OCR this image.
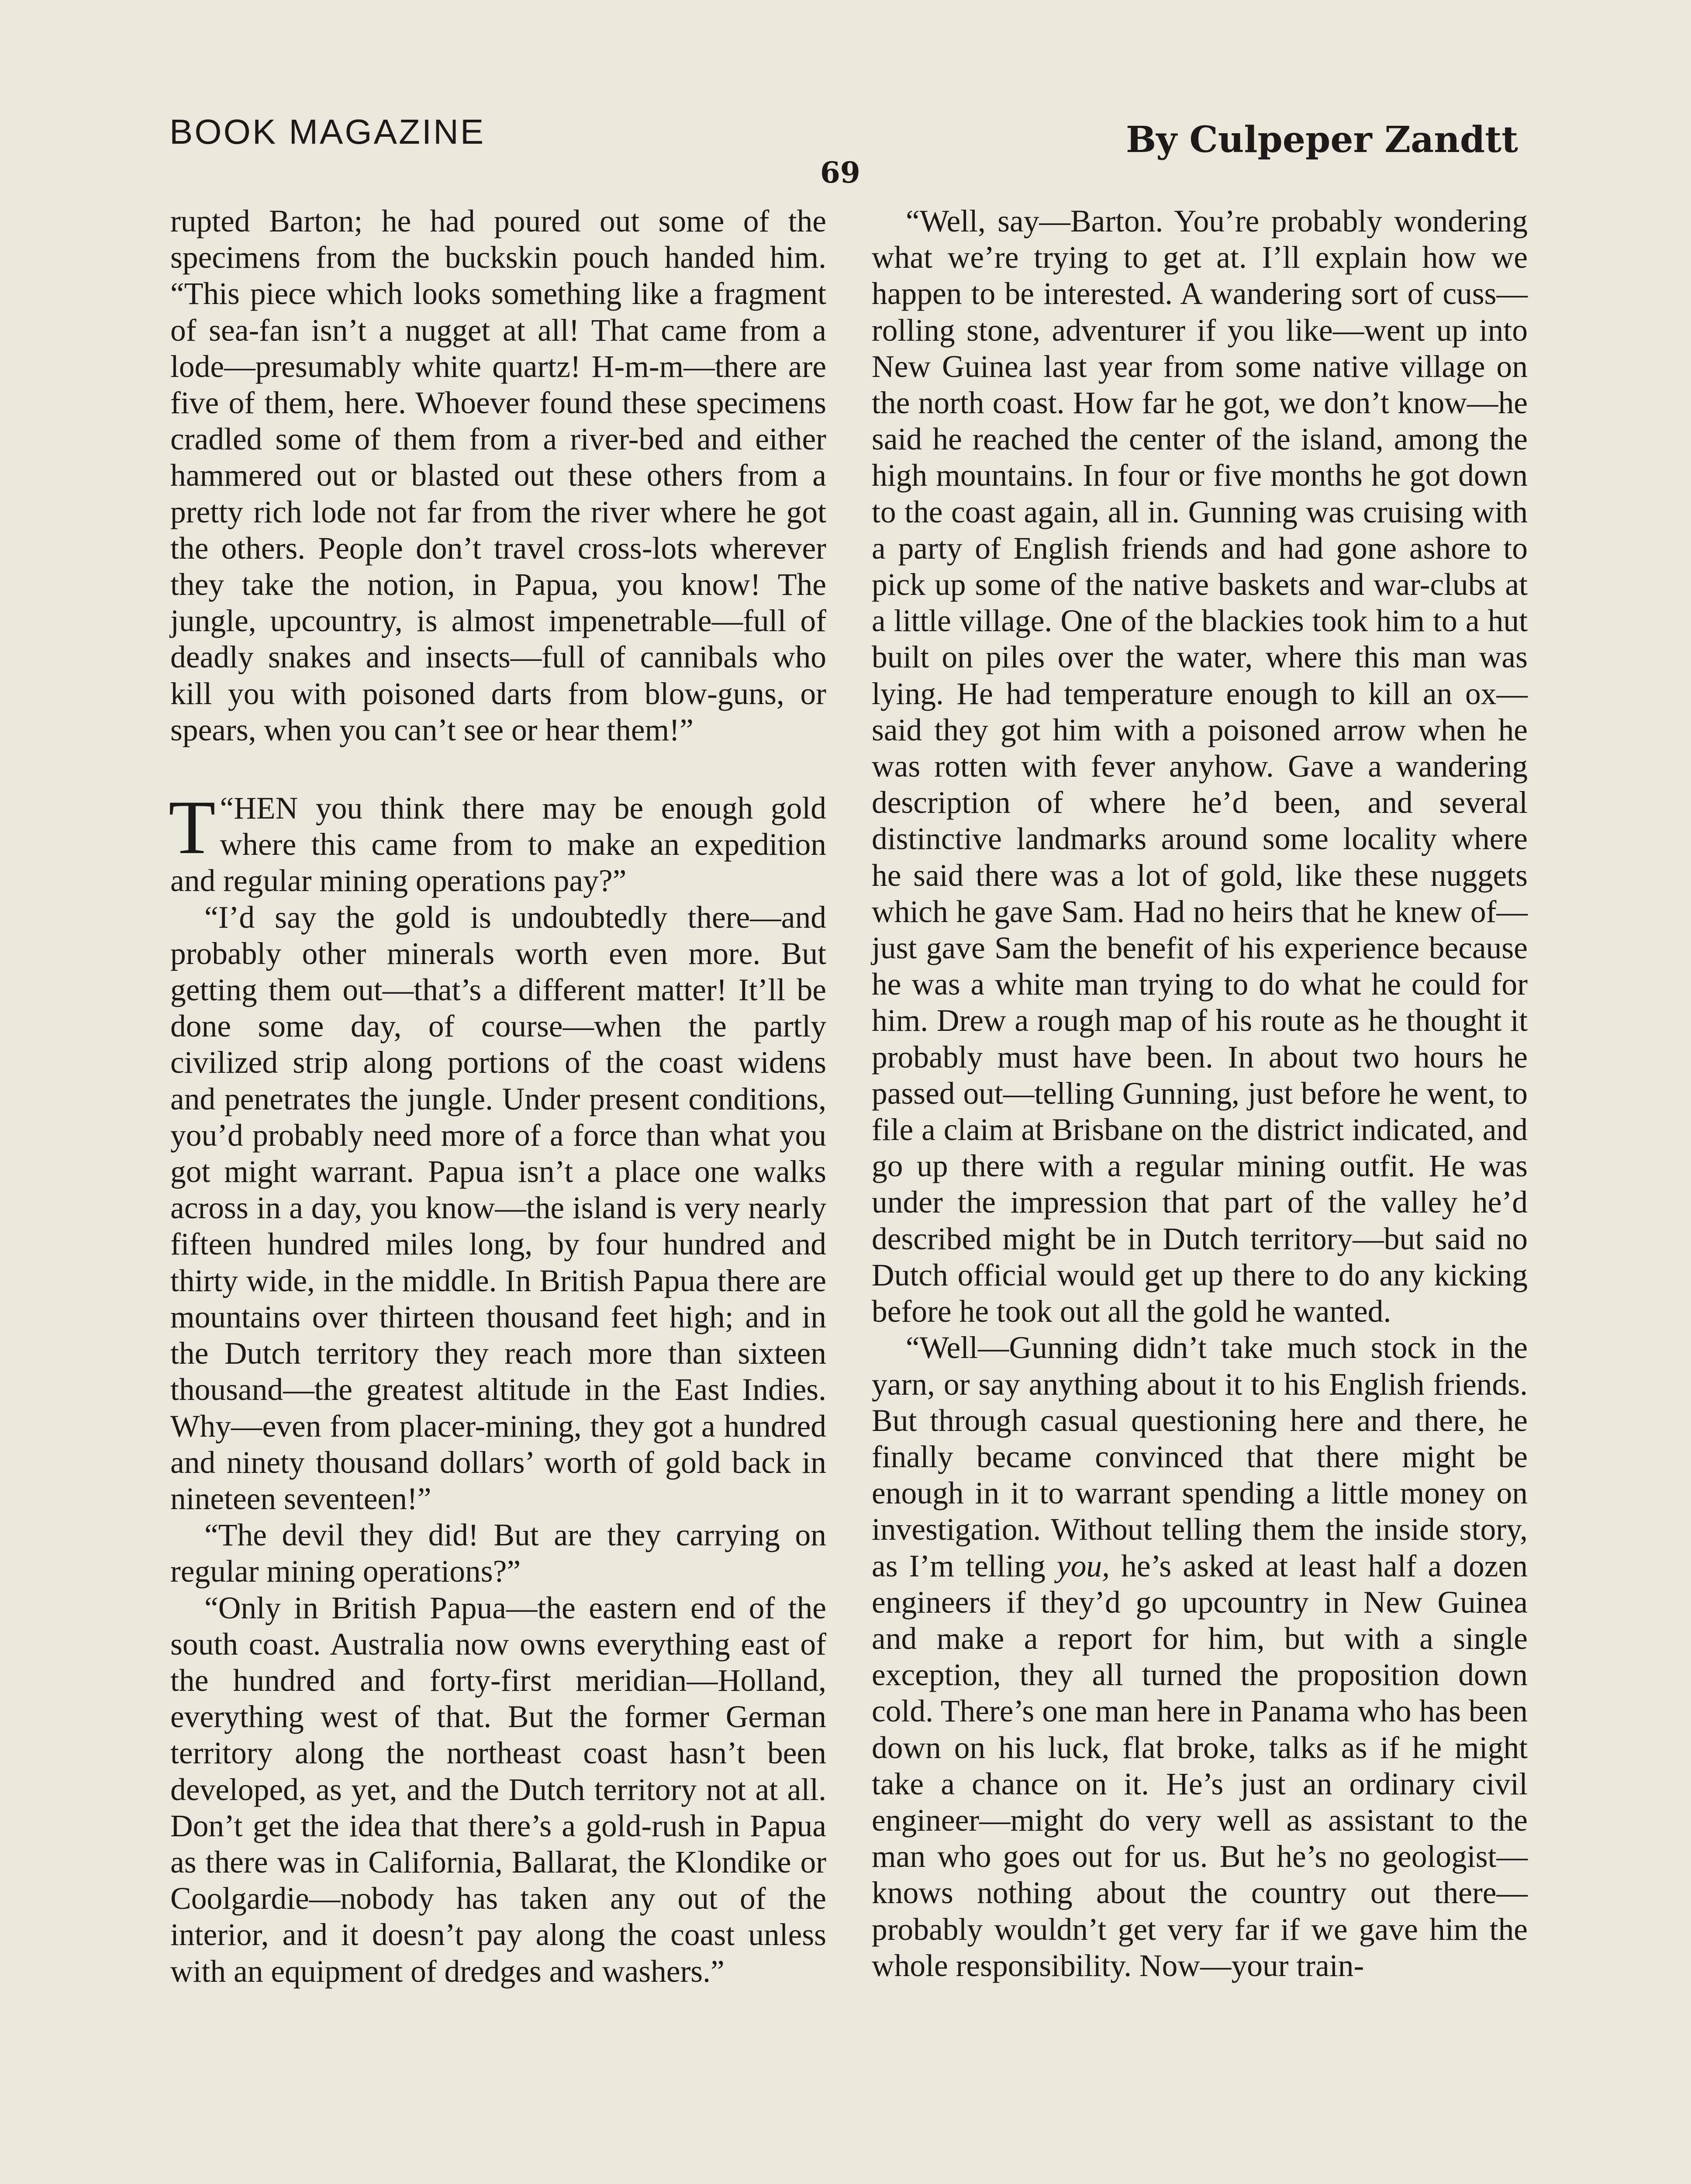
BOOK MAGAZINE	By Culpeper Zandtt
69

rupted Barton; he had poured out some of the specimens from the buckskin pouch handed him. “This piece which looks something like a fragment of sea-fan isn’t a nugget at all! That came from a lode—presumably white quartz! H-m-m—there are five of them, here. Whoever found these specimens cradled some of them from a river-bed and either hammered out or blasted out these others from a pretty rich lode not far from the river where he got the others. People don’t travel cross-lots wherever they take the notion, in Papua, you know! The jungle, upcountry, is almost impenetrable—full of deadly snakes and insects—full of cannibals who kill you with poisoned darts from blow-guns, or spears, when you can’t see or hear them!”

“
T HEN you think there may be enough gold where this came from to make an expedition and regular mining operations pay?”

“I’d say the gold is undoubtedly there—and probably other minerals worth even more. But getting them out—that’s a different matter! It’ll be done some day, of course—when the partly civilized strip along portions of the coast widens and penetrates the jungle. Under present conditions, you’d probably need more of a force than what you got might warrant. Papua isn’t a place one walks across in a day, you know—the island is very nearly fifteen hundred miles long, by four hundred and thirty wide, in the middle. In British Papua there are mountains over thirteen thousand feet high; and in the Dutch territory they reach more than sixteen thousand—the greatest altitude in the East Indies. Why—even from placer-mining, they got a hundred and ninety thousand dollars’ worth of gold back in nineteen seventeen!”

“The devil they did! But are they carrying on regular mining operations?”

“Only in British Papua—the eastern end of the south coast. Australia now owns everything east of the hundred and forty-first meridian—Holland, everything west of that. But the former German territory along the northeast coast hasn’t been developed, as yet, and the Dutch territory not at all. Don’t get the idea that there’s a gold-rush in Papua as there was in California, Ballarat, the Klondike or Coolgardie—nobody has taken any out of the interior, and it doesn’t pay along the coast unless with an equipment of dredges and washers.”

“Well, say—Barton. You’re probably wondering what we’re trying to get at. I’ll explain how we happen to be interested. A wandering sort of cuss—rolling stone, adventurer if you like—went up into New Guinea last year from some native village on the north coast. How far he got, we don’t know—he said he reached the center of the island, among the high mountains. In four or five months he got down to the coast again, all in. Gunning was cruising with a party of English friends and had gone ashore to pick up some of the native baskets and war-clubs at a little village. One of the blackies took him to a hut built on piles over the water, where this man was lying. He had temperature enough to kill an ox—said they got him with a poisoned arrow when he was rotten with fever anyhow. Gave a wandering description of where he’d been, and several distinctive landmarks around some locality where he said there was a lot of gold, like these nuggets which he gave Sam. Had no heirs that he knew of—just gave Sam the benefit of his experience because he was a white man trying to do what he could for him. Drew a rough map of his route as he thought it probably must have been. In about two hours he passed out—telling Gunning, just before he went, to file a claim at Brisbane on the district indicated, and go up there with a regular mining outfit. He was under the impression that part of the valley he’d described might be in Dutch territory—but said no Dutch official would get up there to do any kicking before he took out all the gold he wanted.

“Well—Gunning didn’t take much stock in the yarn, or say anything about it to his English friends. But through casual questioning here and there, he finally became convinced that there might be enough in it to warrant spending a little money on investigation. Without telling them the inside story, as I’m telling you, he’s asked at least half a dozen engineers if they’d go upcountry in New Guinea and make a report for him, but with a single exception, they all turned the proposition down cold. There’s one man here in Panama who has been down on his luck, flat broke, talks as if he might take a chance on it. He’s just an ordinary civil engineer—might do very well as assistant to the man who goes out for us. But he’s no geologist—knows nothing about the country out there—probably wouldn’t get very far if we gave him the whole responsibility. Now—your train-
